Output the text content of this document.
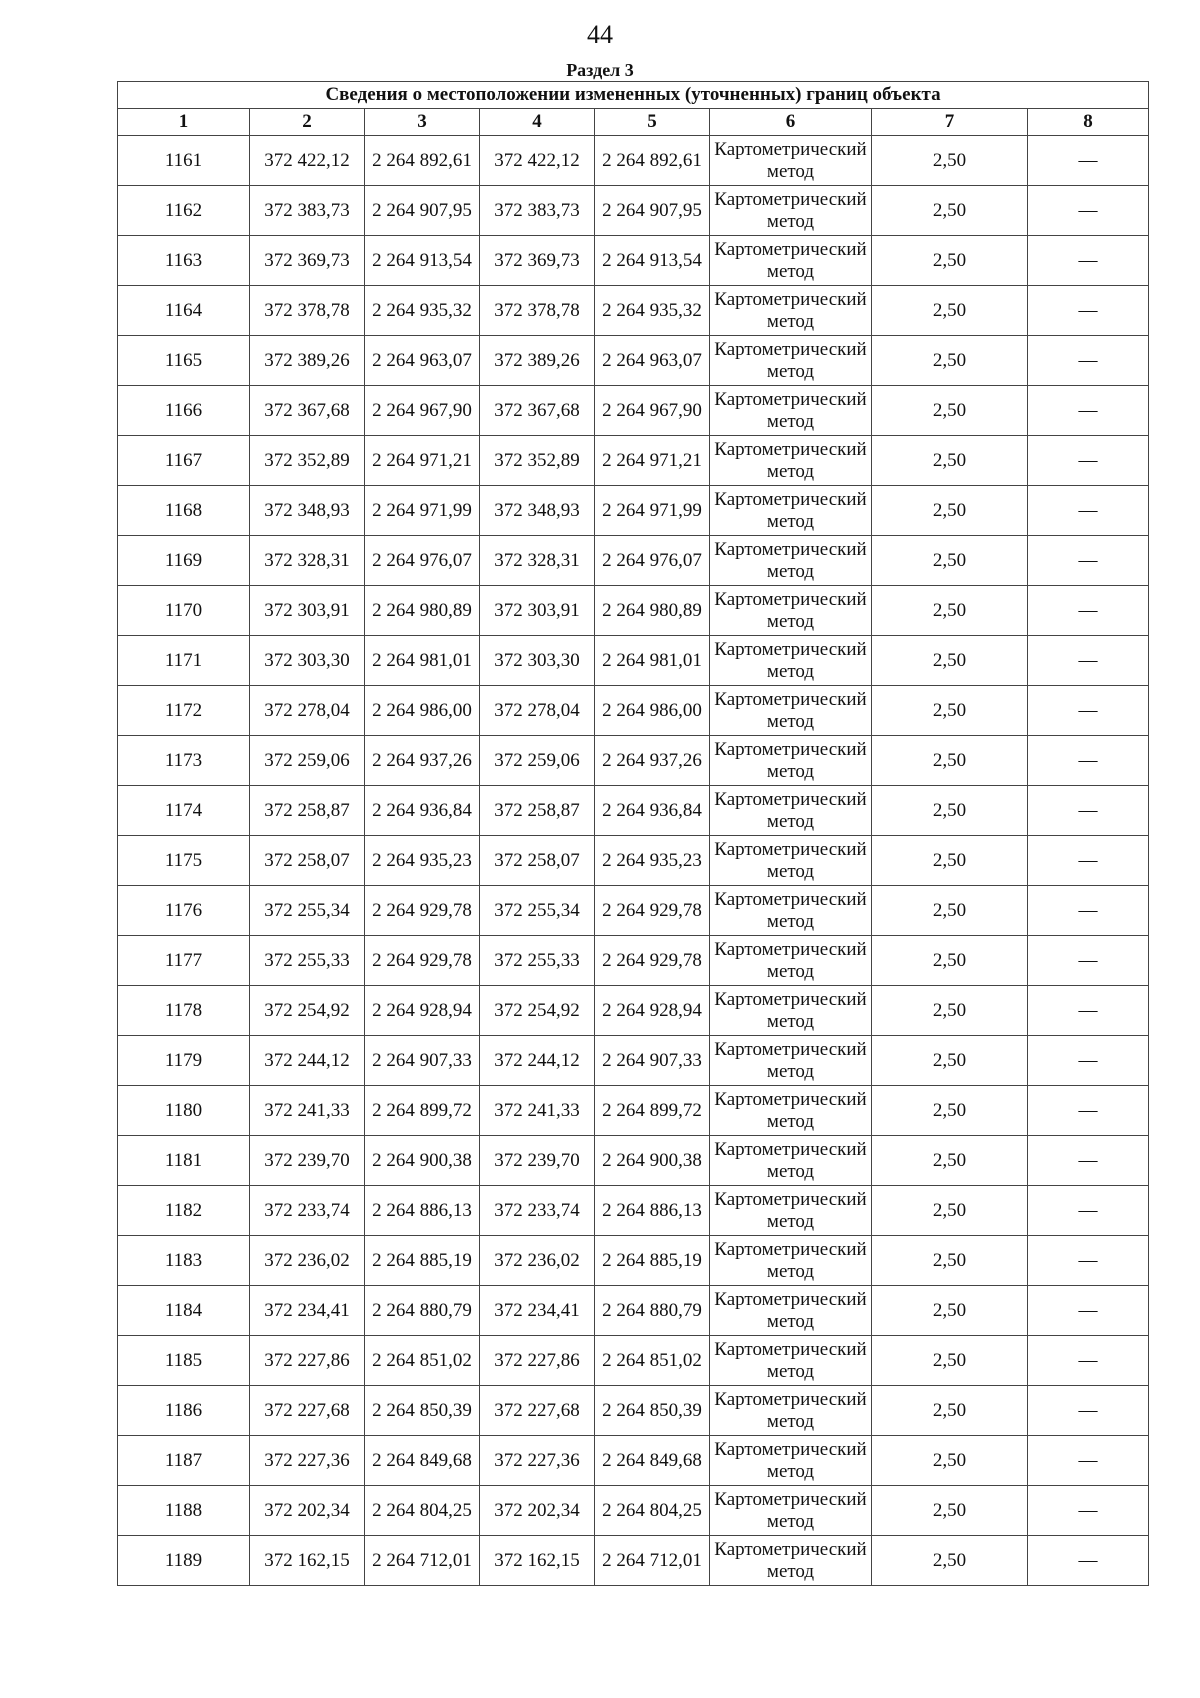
44
Раздел 3
Сведения о местоположении измененных (уточненных) границ объекта							
1	2	3	4	5	6	7	8
1161	372 422,12	2 264 892,61	372 422,12	2 264 892,61	Картометрический метод	2,50	—
1162	372 383,73	2 264 907,95	372 383,73	2 264 907,95	Картометрический метод	2,50	—
1163	372 369,73	2 264 913,54	372 369,73	2 264 913,54	Картометрический метод	2,50	—
1164	372 378,78	2 264 935,32	372 378,78	2 264 935,32	Картометрический метод	2,50	—
1165	372 389,26	2 264 963,07	372 389,26	2 264 963,07	Картометрический метод	2,50	—
1166	372 367,68	2 264 967,90	372 367,68	2 264 967,90	Картометрический метод	2,50	—
1167	372 352,89	2 264 971,21	372 352,89	2 264 971,21	Картометрический метод	2,50	—
1168	372 348,93	2 264 971,99	372 348,93	2 264 971,99	Картометрический метод	2,50	—
1169	372 328,31	2 264 976,07	372 328,31	2 264 976,07	Картометрический метод	2,50	—
1170	372 303,91	2 264 980,89	372 303,91	2 264 980,89	Картометрический метод	2,50	—
1171	372 303,30	2 264 981,01	372 303,30	2 264 981,01	Картометрический метод	2,50	—
1172	372 278,04	2 264 986,00	372 278,04	2 264 986,00	Картометрический метод	2,50	—
1173	372 259,06	2 264 937,26	372 259,06	2 264 937,26	Картометрический метод	2,50	—
1174	372 258,87	2 264 936,84	372 258,87	2 264 936,84	Картометрический метод	2,50	—
1175	372 258,07	2 264 935,23	372 258,07	2 264 935,23	Картометрический метод	2,50	—
1176	372 255,34	2 264 929,78	372 255,34	2 264 929,78	Картометрический метод	2,50	—
1177	372 255,33	2 264 929,78	372 255,33	2 264 929,78	Картометрический метод	2,50	—
1178	372 254,92	2 264 928,94	372 254,92	2 264 928,94	Картометрический метод	2,50	—
1179	372 244,12	2 264 907,33	372 244,12	2 264 907,33	Картометрический метод	2,50	—
1180	372 241,33	2 264 899,72	372 241,33	2 264 899,72	Картометрический метод	2,50	—
1181	372 239,70	2 264 900,38	372 239,70	2 264 900,38	Картометрический метод	2,50	—
1182	372 233,74	2 264 886,13	372 233,74	2 264 886,13	Картометрический метод	2,50	—
1183	372 236,02	2 264 885,19	372 236,02	2 264 885,19	Картометрический метод	2,50	—
1184	372 234,41	2 264 880,79	372 234,41	2 264 880,79	Картометрический метод	2,50	—
1185	372 227,86	2 264 851,02	372 227,86	2 264 851,02	Картометрический метод	2,50	—
1186	372 227,68	2 264 850,39	372 227,68	2 264 850,39	Картометрический метод	2,50	—
1187	372 227,36	2 264 849,68	372 227,36	2 264 849,68	Картометрический метод	2,50	—
1188	372 202,34	2 264 804,25	372 202,34	2 264 804,25	Картометрический метод	2,50	—
1189	372 162,15	2 264 712,01	372 162,15	2 264 712,01	Картометрический метод	2,50	—
